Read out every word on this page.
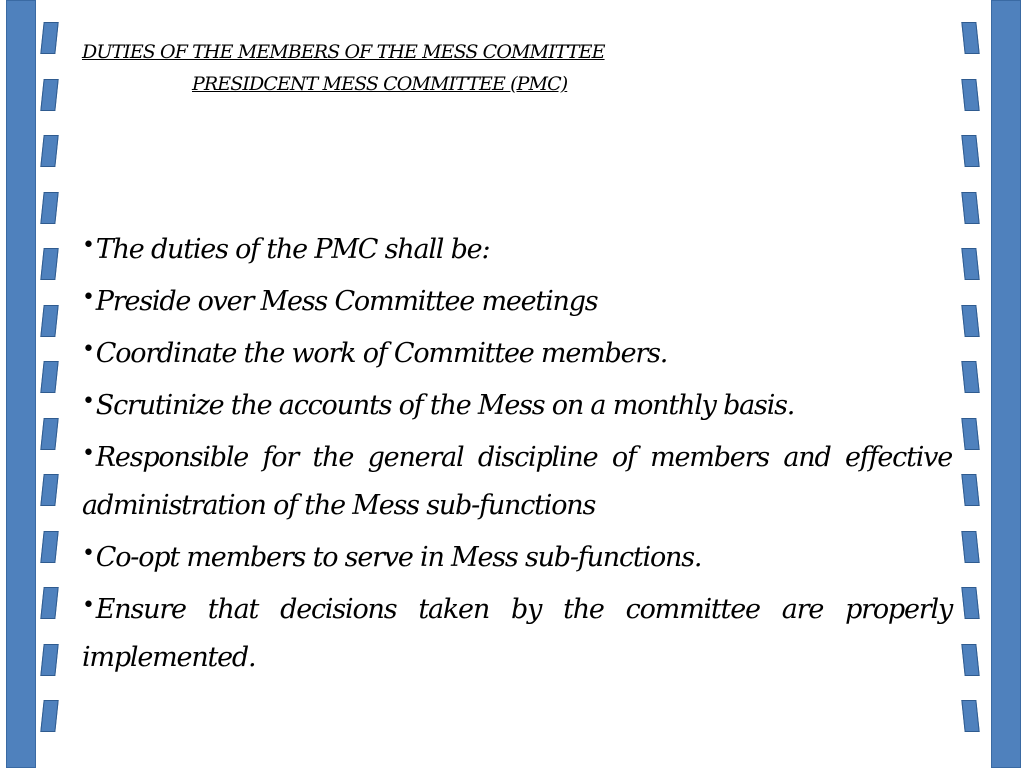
DUTIES OF THE MEMBERS OF THE MESS COMMITTEE
PRESIDCENT MESS COMMITTEE (PMC)

•The duties of the PMC shall be:

•Preside over Mess Committee meetings

•Coordinate the work of Committee members.

•Scrutinize the accounts of the Mess on a monthly basis.

•Responsible for the general discipline of members and effective administration of the Mess sub-functions

•Co-opt members to serve in Mess sub-functions.

•Ensure that decisions taken by the committee are properly implemented.
